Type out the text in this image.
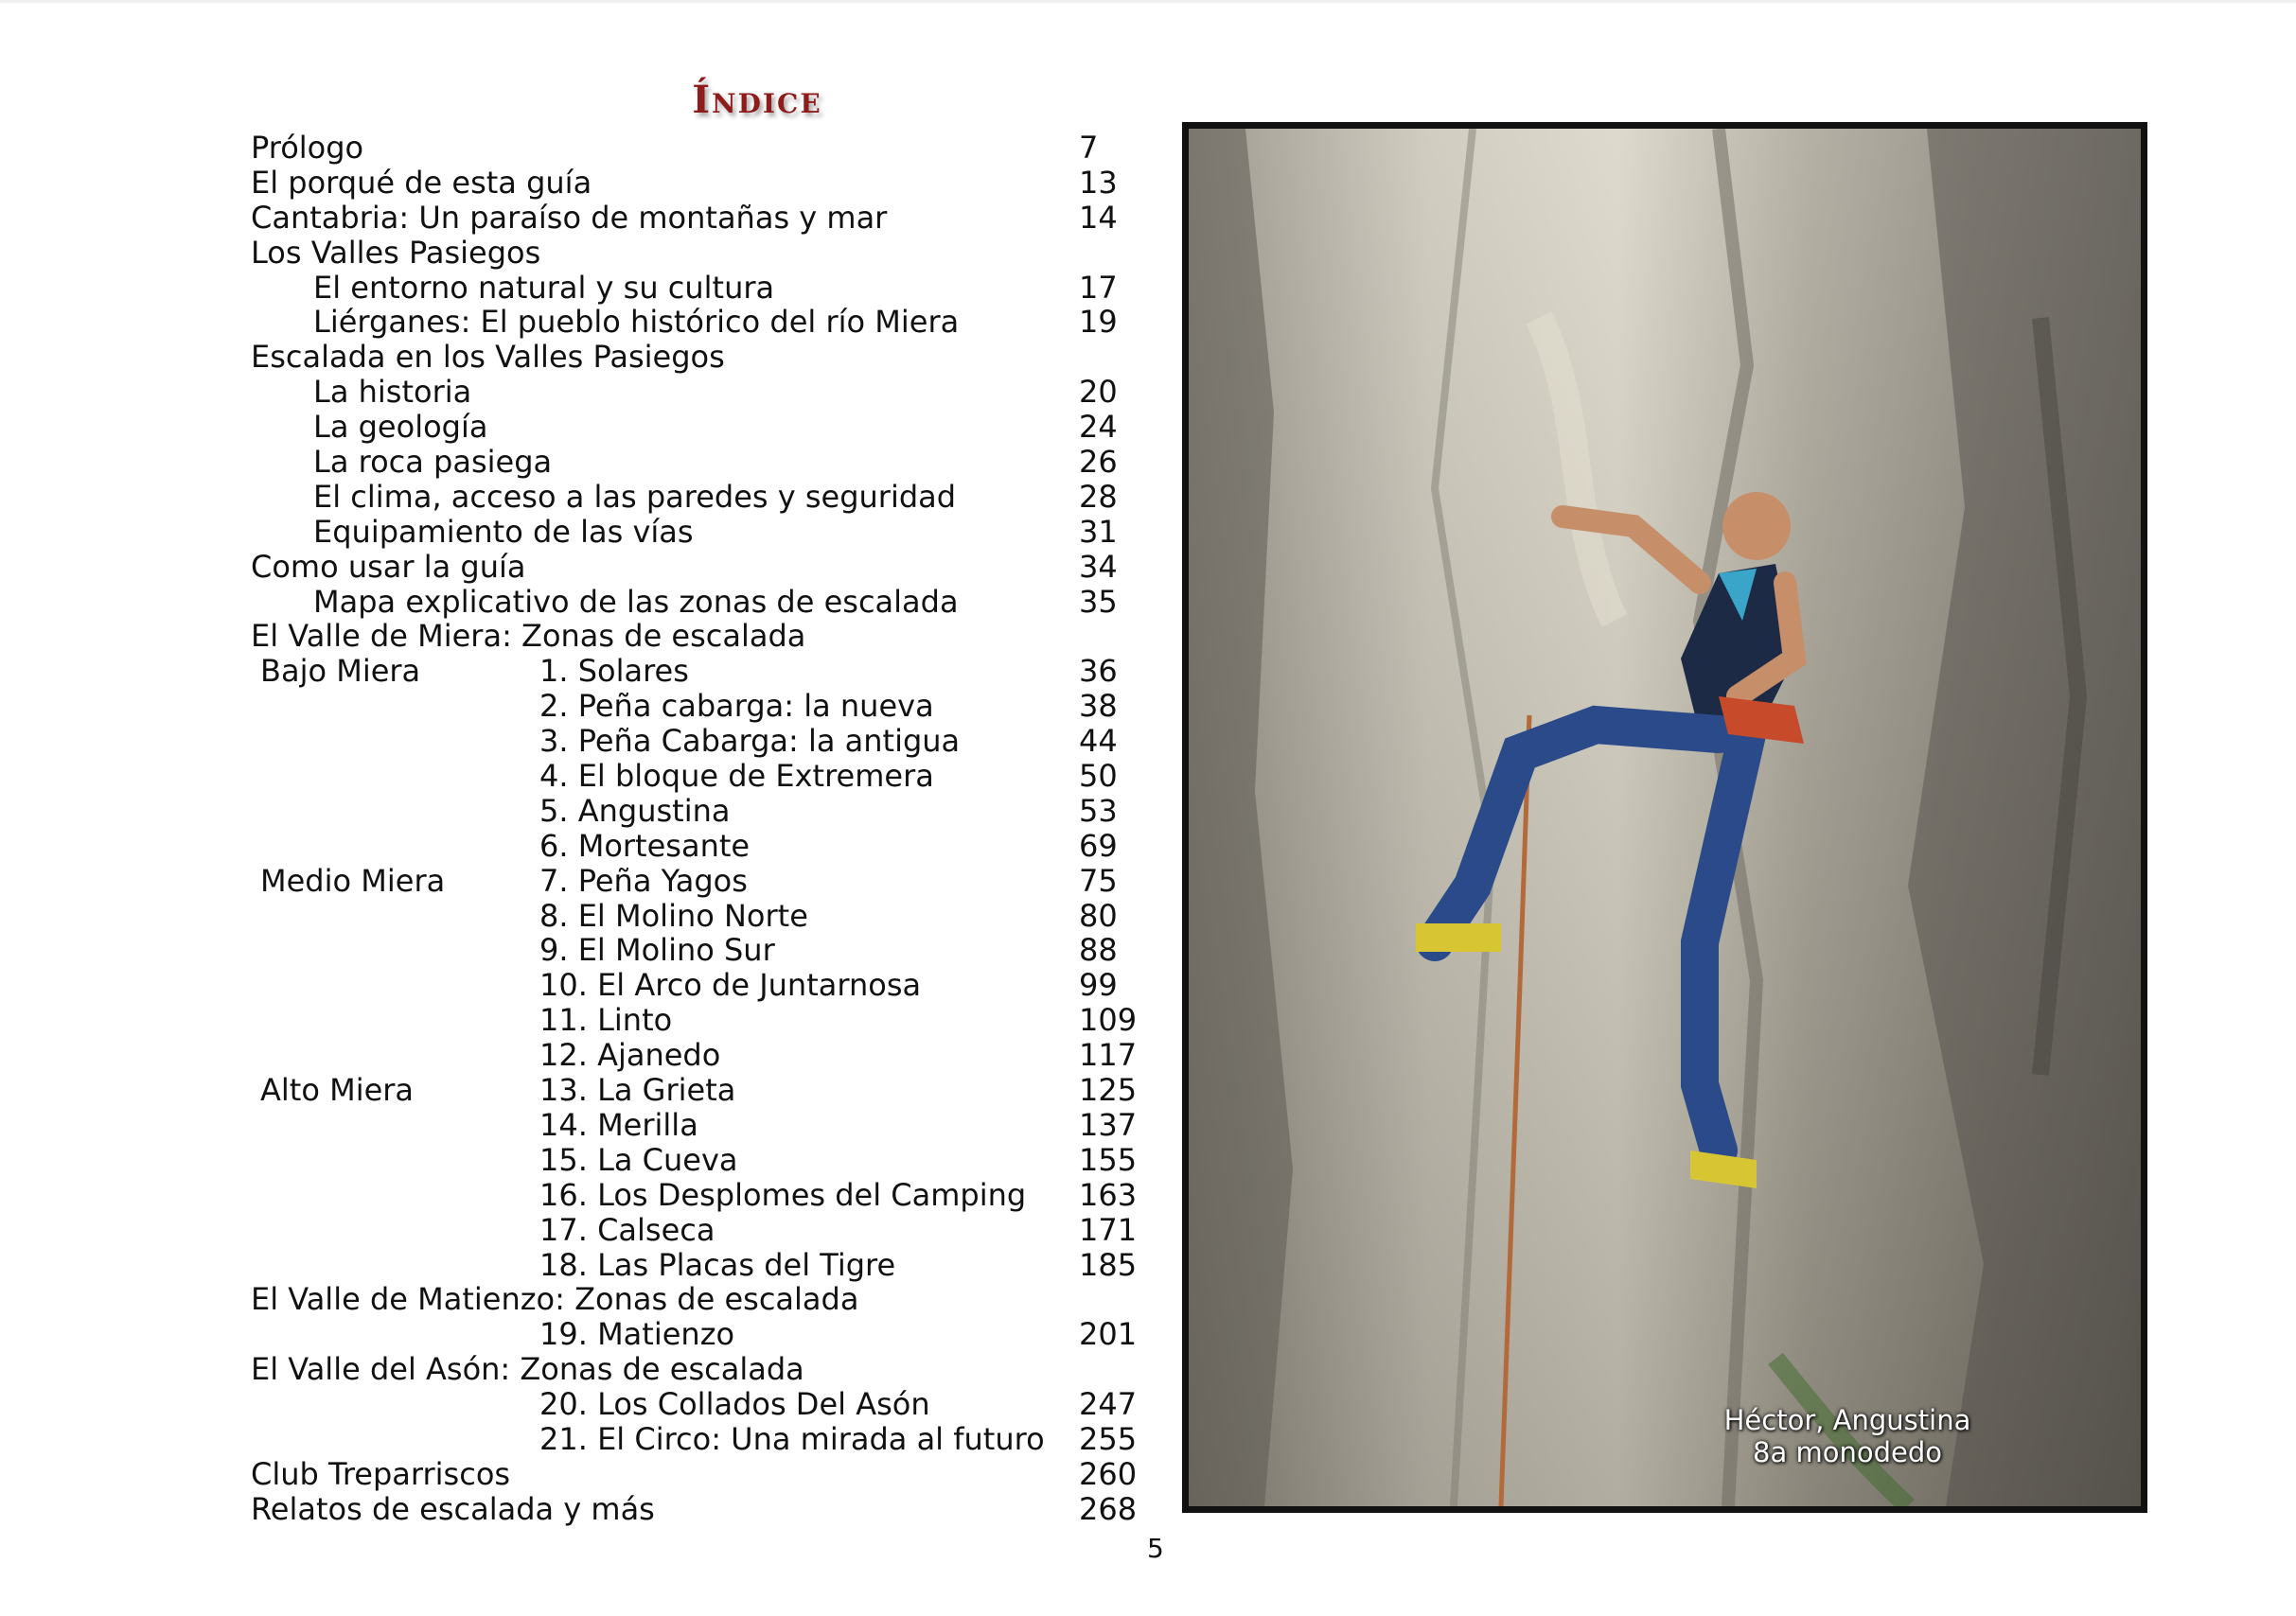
Índice
Prólogo	7
El porqué de esta guía	13
Cantabria: Un paraíso de montañas y mar	14
Los Valles Pasiegos
El entorno natural y su cultura	17
Liérganes: El pueblo histórico del río Miera	19
Escalada en los Valles Pasiegos
La historia	20
La geología	24
La roca pasiega	26
El clima, acceso a las paredes y seguridad	28
Equipamiento de las vías	31
Como usar la guía	34
Mapa explicativo de las zonas de escalada	35
El Valle de Miera: Zonas de escalada
Bajo Miera	1. Solares	36
2. Peña cabarga: la nueva	38
3. Peña Cabarga: la antigua	44
4. El bloque de Extremera	50
5. Angustina	53
6. Mortesante	69
Medio Miera	7. Peña Yagos	75
8. El Molino Norte	80
9. El Molino Sur	88
10. El Arco de Juntarnosa	99
11. Linto	109
12. Ajanedo	117
Alto Miera	13. La Grieta	125
14. Merilla	137
15. La Cueva	155
16. Los Desplomes del Camping 163
17. Calseca	171
18. Las Placas del Tigre	185
El Valle de Matienzo: Zonas de escalada
19. Matienzo	201
El Valle del Asón: Zonas de escalada
20. Los Collados Del Asón	247
21. El Circo: Una mirada al futuro 255
Club Treparriscos	260
Relatos de escalada y más	268
Héctor, Angustina
8a monodedo
5
